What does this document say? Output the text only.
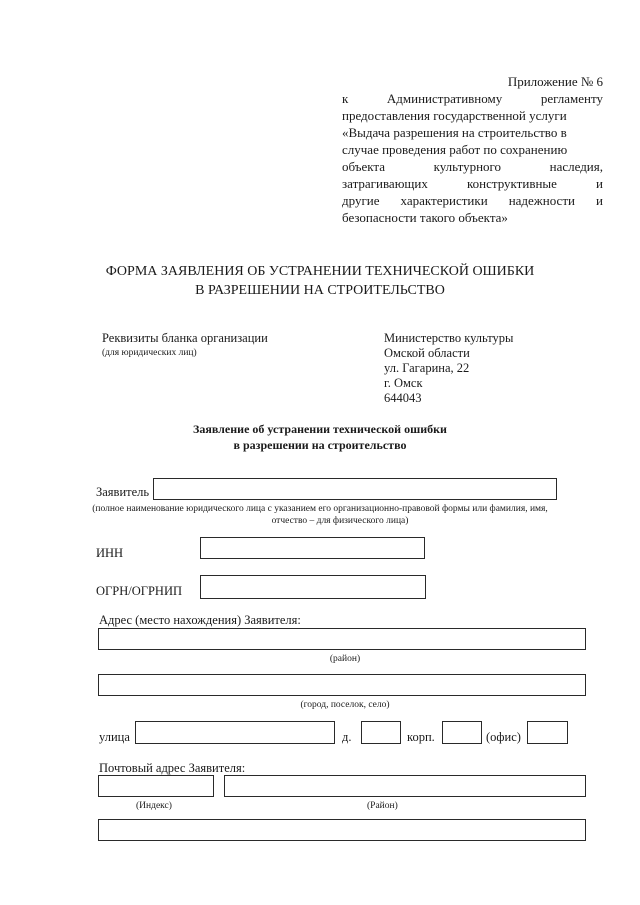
Приложение № 6
к	Административному	регламенту
предоставления государственной услуги
«Выдача разрешения на строительство в
случае проведения работ по сохранению
объекта	культурного	наследия,
затрагивающих	конструктивные	и
другие характеристики надежности и
безопасности такого объекта»
ФОРМА ЗАЯВЛЕНИЯ ОБ УСТРАНЕНИИ ТЕХНИЧЕСКОЙ ОШИБКИ
В РАЗРЕШЕНИИ НА СТРОИТЕЛЬСТВО
Реквизиты бланка организации
(для юридических лиц)
Министерство культуры
Омской области
ул. Гагарина, 22
г. Омск
644043
Заявление об устранении технической ошибки
в разрешении на строительство
Заявитель
(полное наименование юридического лица с указанием его организационно-правовой формы или фамилия, имя,
отчество – для физического лица)
ИНН
ОГРН/ОГРНИП
Адрес (место нахождения) Заявителя:
(район)
(город, поселок, село)
улица	д.	корп.	(офис)
Почтовый адрес Заявителя:
(Индекс)	(Район)
